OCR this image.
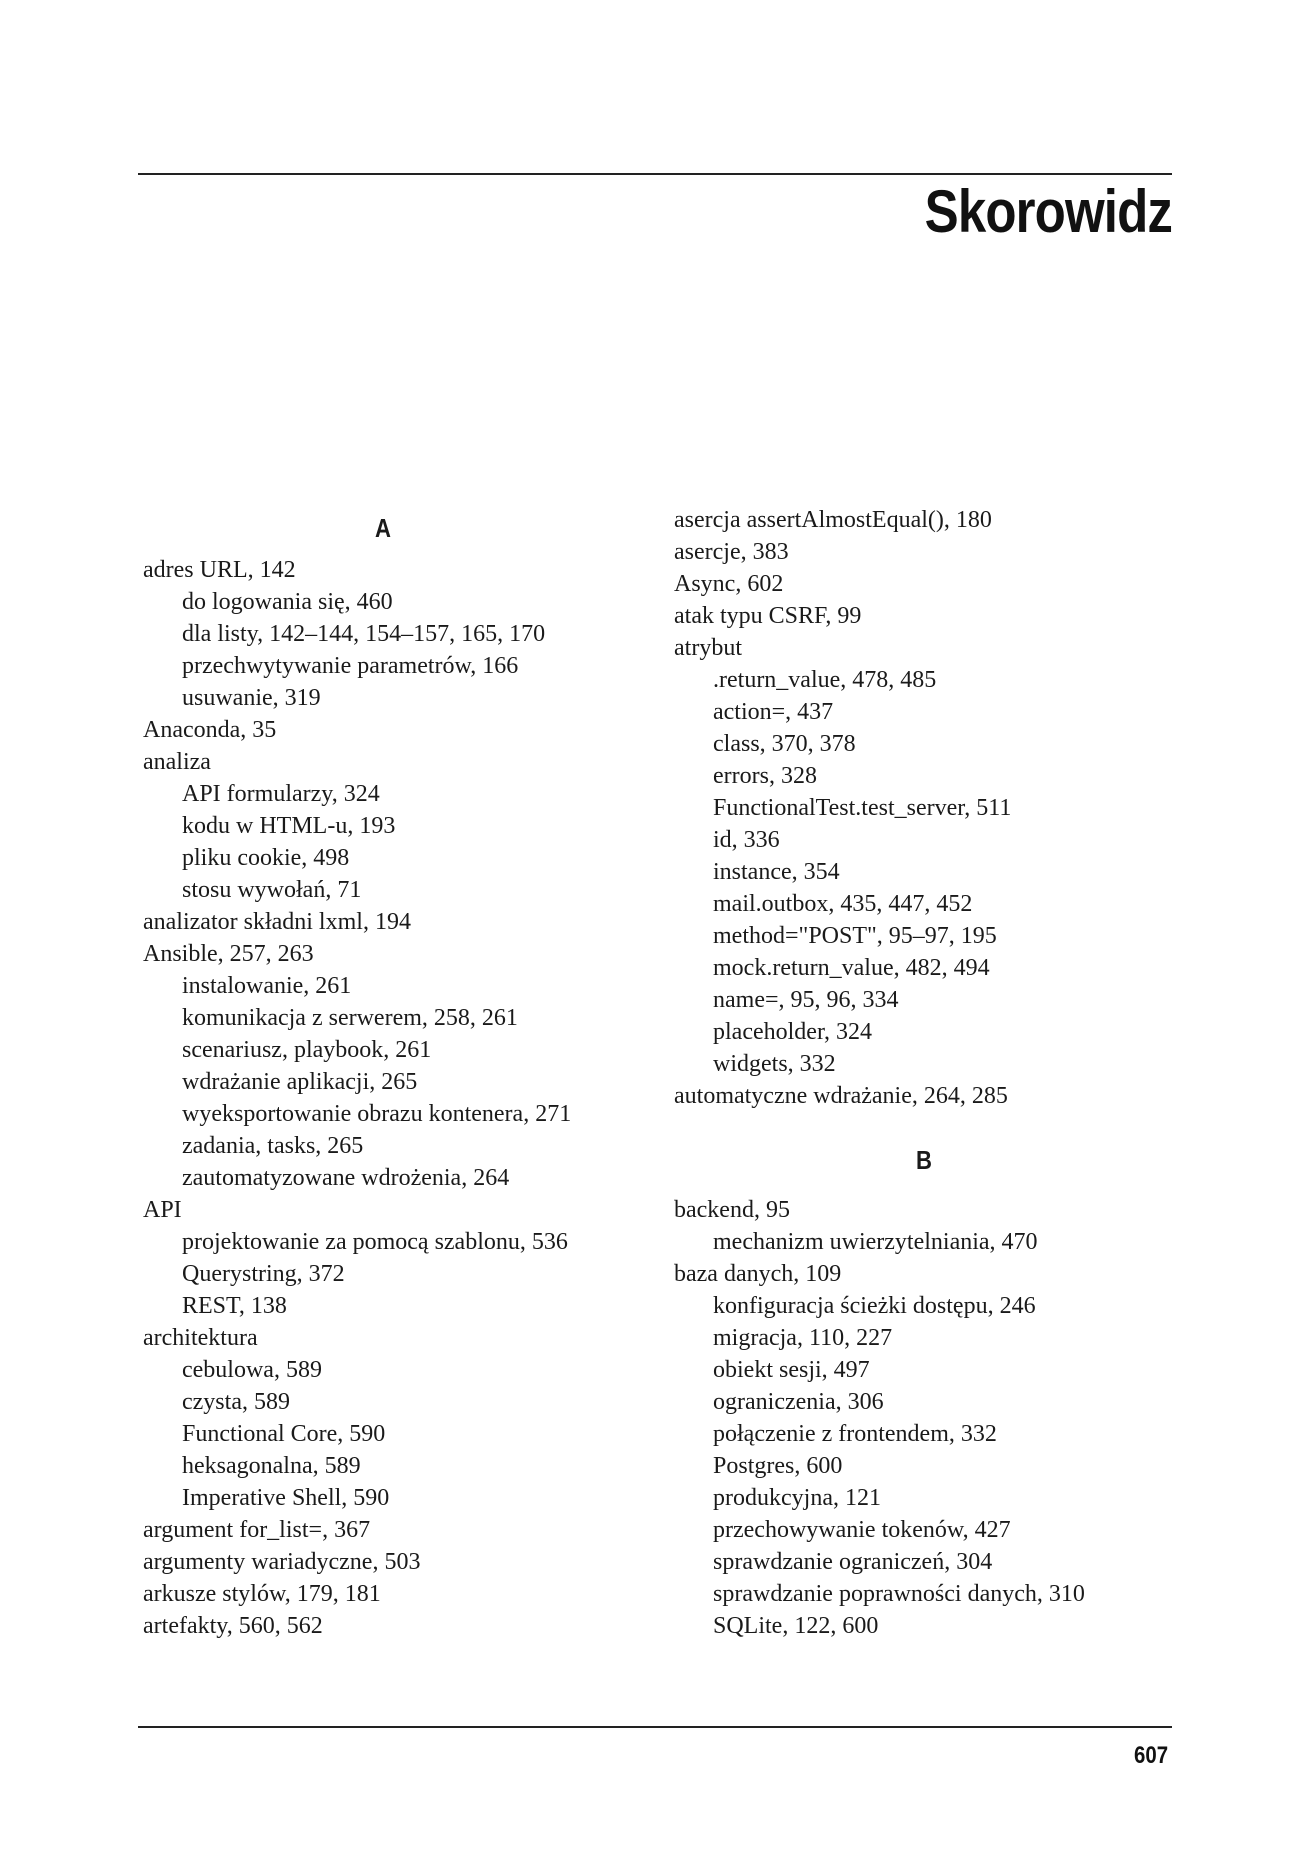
Skorowidz
A
adres URL, 142
do logowania się, 460
dla listy, 142–144, 154–157, 165, 170
przechwytywanie parametrów, 166
usuwanie, 319
Anaconda, 35
analiza
API formularzy, 324
kodu w HTML-u, 193
pliku cookie, 498
stosu wywołań, 71
analizator składni lxml, 194
Ansible, 257, 263
instalowanie, 261
komunikacja z serwerem, 258, 261
scenariusz, playbook, 261
wdrażanie aplikacji, 265
wyeksportowanie obrazu kontenera, 271
zadania, tasks, 265
zautomatyzowane wdrożenia, 264
API
projektowanie za pomocą szablonu, 536
Querystring, 372
REST, 138
architektura
cebulowa, 589
czysta, 589
Functional Core, 590
heksagonalna, 589
Imperative Shell, 590
argument for_list=, 367
argumenty wariadyczne, 503
arkusze stylów, 179, 181
artefakty, 560, 562
asercja assertAlmostEqual(), 180
asercje, 383
Async, 602
atak typu CSRF, 99
atrybut
.return_value, 478, 485
action=, 437
class, 370, 378
errors, 328
FunctionalTest.test_server, 511
id, 336
instance, 354
mail.outbox, 435, 447, 452
method="POST", 95–97, 195
mock.return_value, 482, 494
name=, 95, 96, 334
placeholder, 324
widgets, 332
automatyczne wdrażanie, 264, 285
B
backend, 95
mechanizm uwierzytelniania, 470
baza danych, 109
konfiguracja ścieżki dostępu, 246
migracja, 110, 227
obiekt sesji, 497
ograniczenia, 306
połączenie z frontendem, 332
Postgres, 600
produkcyjna, 121
przechowywanie tokenów, 427
sprawdzanie ograniczeń, 304
sprawdzanie poprawności danych, 310
SQLite, 122, 600
607
